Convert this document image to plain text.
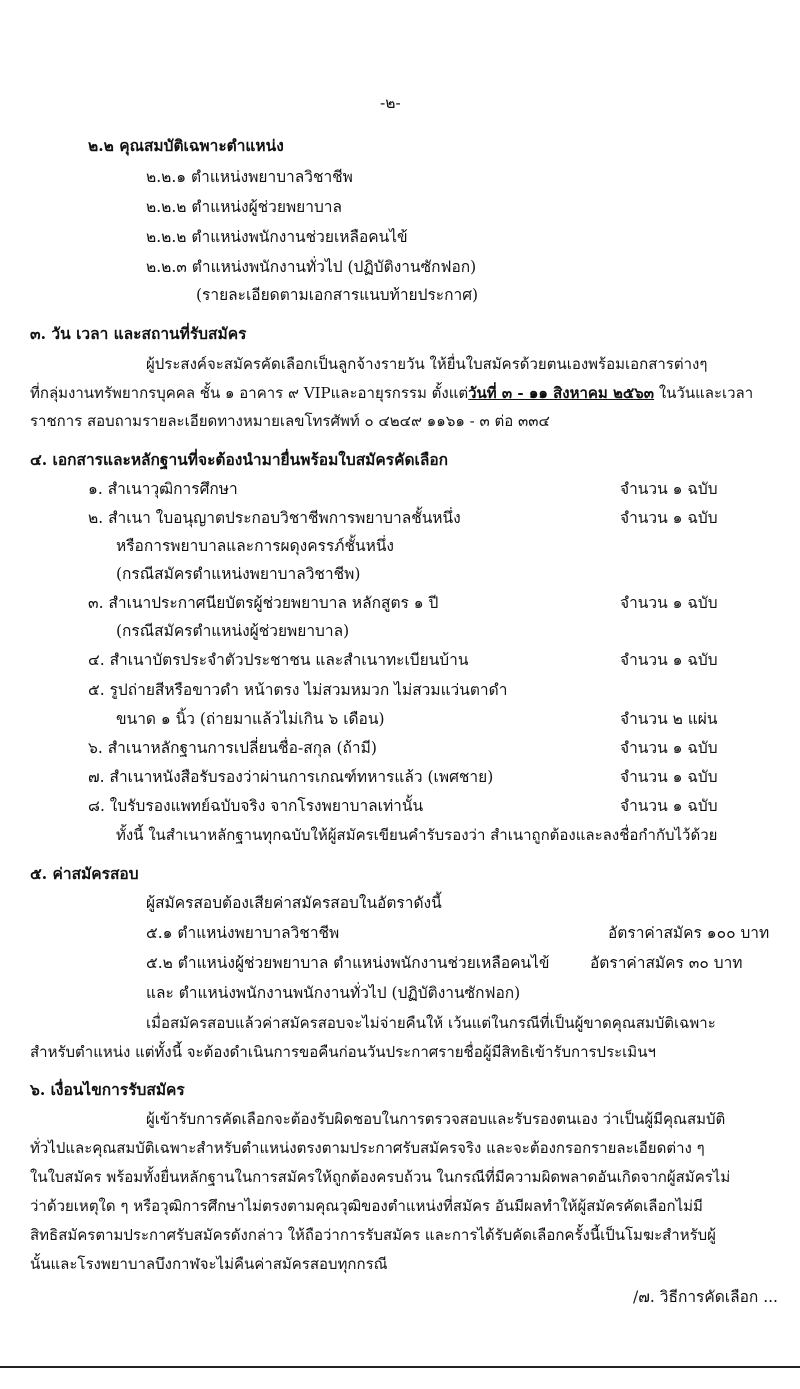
-๒-
๒.๒ คุณสมบัติเฉพาะตำแหน่ง
๒.๒.๑ ตำแหน่งพยาบาลวิชาชีพ
๒.๒.๒ ตำแหน่งผู้ช่วยพยาบาล
๒.๒.๒ ตำแหน่งพนักงานช่วยเหลือคนไข้
๒.๒.๓ ตำแหน่งพนักงานทั่วไป (ปฏิบัติงานซักฟอก)
(รายละเอียดตามเอกสารแนบท้ายประกาศ)
๓. วัน เวลา และสถานที่รับสมัคร
ผู้ประสงค์จะสมัครคัดเลือกเป็นลูกจ้างรายวัน ให้ยื่นใบสมัครด้วยตนเองพร้อมเอกสารต่างๆ
ที่กลุ่มงานทรัพยากรบุคคล ชั้น ๑ อาคาร ๙ VIPและอายุรกรรม ตั้งแต่วันที่ ๓ - ๑๑ สิงหาคม ๒๕๖๓ ในวันและเวลา
ราชการ สอบถามรายละเอียดทางหมายเลขโทรศัพท์ ๐ ๔๒๔๙ ๑๑๖๑ - ๓ ต่อ ๓๓๔
๔. เอกสารและหลักฐานที่จะต้องนำมายื่นพร้อมใบสมัครคัดเลือก
๑. สำเนาวุฒิการศึกษา	จำนวน ๑ ฉบับ
๒. สำเนา ใบอนุญาตประกอบวิชาชีพการพยาบาลชั้นหนึ่ง	จำนวน ๑ ฉบับ
หรือการพยาบาลและการผดุงครรภ์ชั้นหนึ่ง
(กรณีสมัครตำแหน่งพยาบาลวิชาชีพ)
๓. สำเนาประกาศนียบัตรผู้ช่วยพยาบาล หลักสูตร ๑ ปี	จำนวน ๑ ฉบับ
(กรณีสมัครตำแหน่งผู้ช่วยพยาบาล)
๔. สำเนาบัตรประจำตัวประชาชน และสำเนาทะเบียนบ้าน	จำนวน ๑ ฉบับ
๕. รูปถ่ายสีหรือขาวดำ หน้าตรง ไม่สวมหมวก ไม่สวมแว่นตาดำ
ขนาด ๑ นิ้ว (ถ่ายมาแล้วไม่เกิน ๖ เดือน)	จำนวน ๒ แผ่น
๖. สำเนาหลักฐานการเปลี่ยนชื่อ-สกุล (ถ้ามี)	จำนวน ๑ ฉบับ
๗. สำเนาหนังสือรับรองว่าผ่านการเกณฑ์ทหารแล้ว (เพศชาย)	จำนวน ๑ ฉบับ
๘. ใบรับรองแพทย์ฉบับจริง จากโรงพยาบาลเท่านั้น	จำนวน ๑ ฉบับ
ทั้งนี้ ในสำเนาหลักฐานทุกฉบับให้ผู้สมัครเขียนคำรับรองว่า สำเนาถูกต้องและลงชื่อกำกับไว้ด้วย
๕. ค่าสมัครสอบ
ผู้สมัครสอบต้องเสียค่าสมัครสอบในอัตราดังนี้
๕.๑ ตำแหน่งพยาบาลวิชาชีพ	อัตราค่าสมัคร ๑๐๐ บาท
๕.๒ ตำแหน่งผู้ช่วยพยาบาล ตำแหน่งพนักงานช่วยเหลือคนไข้	อัตราค่าสมัคร ๓๐ บาท
และ ตำแหน่งพนักงานพนักงานทั่วไป (ปฏิบัติงานซักฟอก)
เมื่อสมัครสอบแล้วค่าสมัครสอบจะไม่จ่ายคืนให้ เว้นแต่ในกรณีที่เป็นผู้ขาดคุณสมบัติเฉพาะ
สำหรับตำแหน่ง แต่ทั้งนี้ จะต้องดำเนินการขอคืนก่อนวันประกาศรายชื่อผู้มีสิทธิเข้ารับการประเมินฯ
๖. เงื่อนไขการรับสมัคร
ผู้เข้ารับการคัดเลือกจะต้องรับผิดชอบในการตรวจสอบและรับรองตนเอง ว่าเป็นผู้มีคุณสมบัติ
ทั่วไปและคุณสมบัติเฉพาะสำหรับตำแหน่งตรงตามประกาศรับสมัครจริง และจะต้องกรอกรายละเอียดต่าง ๆ
ในใบสมัคร พร้อมทั้งยื่นหลักฐานในการสมัครให้ถูกต้องครบถ้วน ในกรณีที่มีความผิดพลาดอันเกิดจากผู้สมัครไม่
ว่าด้วยเหตุใด ๆ หรือวุฒิการศึกษาไม่ตรงตามคุณวุฒิของตำแหน่งที่สมัคร อันมีผลทำให้ผู้สมัครคัดเลือกไม่มี
สิทธิสมัครตามประกาศรับสมัครดังกล่าว ให้ถือว่าการรับสมัคร และการได้รับคัดเลือกครั้งนี้เป็นโมฆะสำหรับผู้
นั้นและโรงพยาบาลบึงกาฬจะไม่คืนค่าสมัครสอบทุกกรณี
/๗. วิธีการคัดเลือก ...
